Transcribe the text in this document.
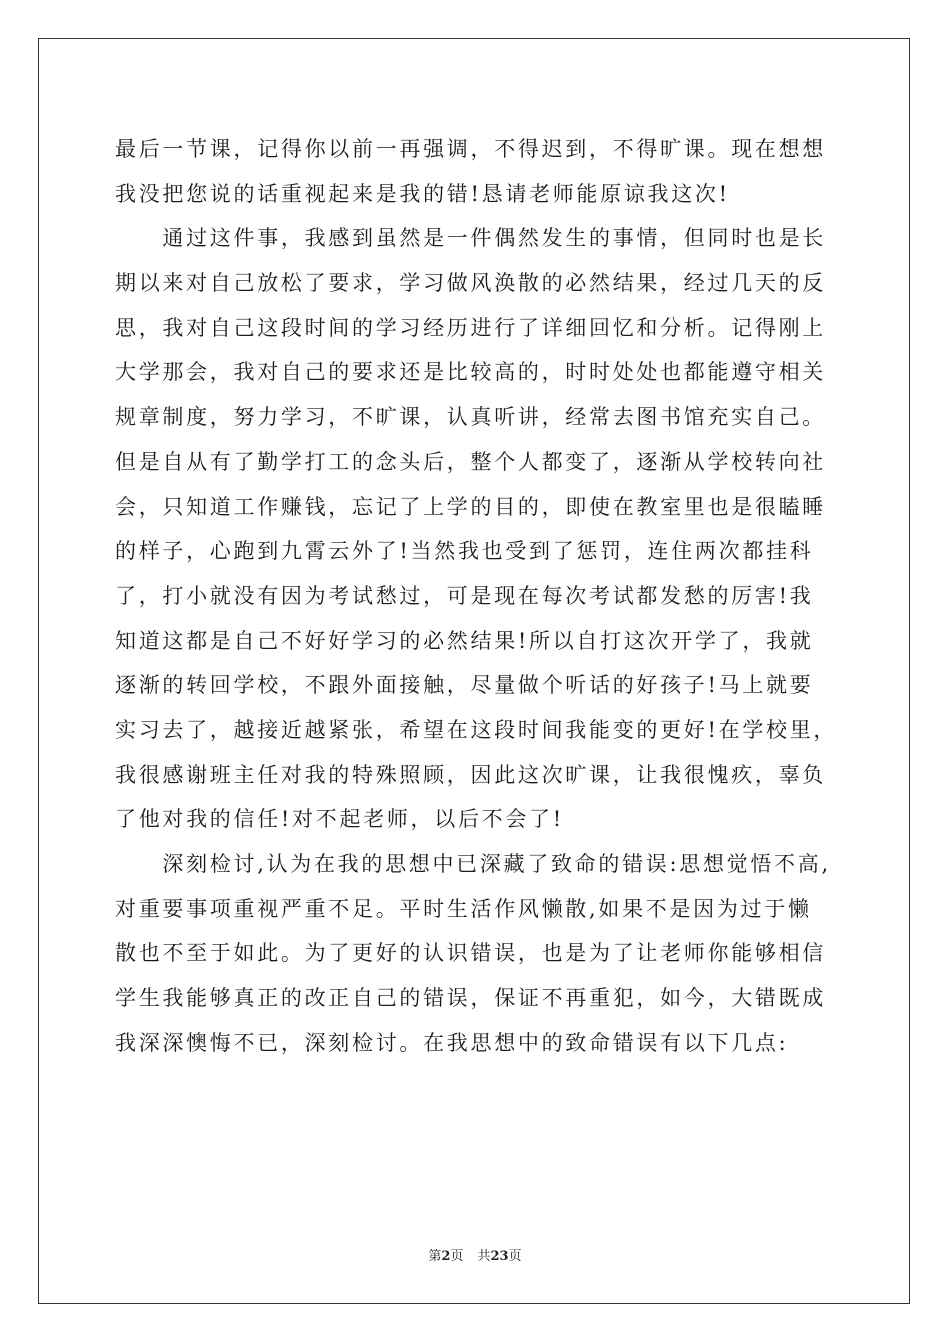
最后一节课，记得你以前一再强调，不得迟到，不得旷课。现在想想
我没把您说的话重视起来是我的错!恳请老师能原谅我这次!
　　通过这件事，我感到虽然是一件偶然发生的事情，但同时也是长
期以来对自己放松了要求，学习做风涣散的必然结果，经过几天的反
思，我对自己这段时间的学习经历进行了详细回忆和分析。记得刚上
大学那会，我对自己的要求还是比较高的，时时处处也都能遵守相关
规章制度，努力学习，不旷课，认真听讲，经常去图书馆充实自己。
但是自从有了勤学打工的念头后，整个人都变了，逐渐从学校转向社
会，只知道工作赚钱，忘记了上学的目的，即使在教室里也是很瞌睡
的样子，心跑到九霄云外了!当然我也受到了惩罚，连住两次都挂科
了，打小就没有因为考试愁过，可是现在每次考试都发愁的厉害!我
知道这都是自己不好好学习的必然结果!所以自打这次开学了，我就
逐渐的转回学校，不跟外面接触，尽量做个听话的好孩子!马上就要
实习去了，越接近越紧张，希望在这段时间我能变的更好!在学校里，
我很感谢班主任对我的特殊照顾，因此这次旷课，让我很愧疚，辜负
了他对我的信任!对不起老师，以后不会了!
　　深刻检讨,认为在我的思想中已深藏了致命的错误:思想觉悟不高,
对重要事项重视严重不足。平时生活作风懒散,如果不是因为过于懒
散也不至于如此。为了更好的认识错误，也是为了让老师你能够相信
学生我能够真正的改正自己的错误，保证不再重犯，如今，大错既成
我深深懊悔不已，深刻检讨。在我思想中的致命错误有以下几点:
第2页 共23页
